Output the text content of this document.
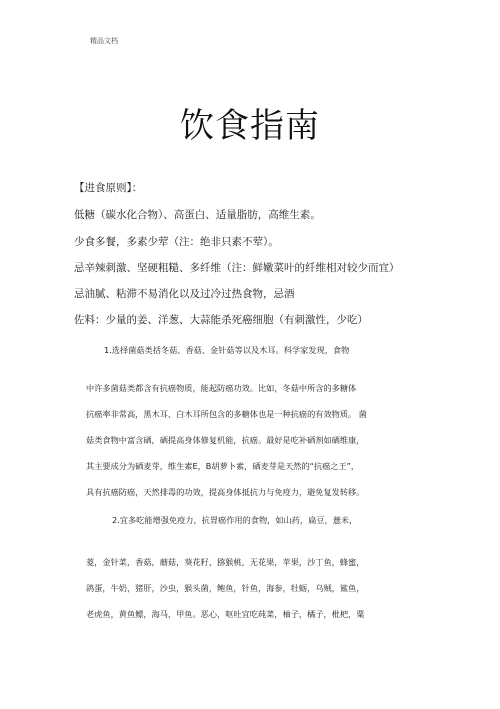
精品文档
饮食指南
【进食原则】：
低糖（碳水化合物）、高蛋白、适量脂肪，高维生素。
少食多餐，多素少荤（注：绝非只素不荤）。
忌辛辣刺激、坚硬粗糙、多纤维（注：鲜嫩菜叶的纤维相对较少而宜）
忌油腻、粘滞不易消化以及过冷过热食物，忌酒
佐料：少量的姜、洋葱、大蒜能杀死癌细胞（有刺激性，少吃）
1.选择菌菇类括冬菇、香菇、金针菇等以及木耳。科学家发现，食物
中许多菌菇类都含有抗癌物质，能起防癌功效。比如，冬菇中所含的多糖体
抗癌率非常高，黑木耳、白木耳所包含的多糖体也是一种抗癌的有效物质。 菌
菇类食物中富含硒，硒提高身体修复机能，抗癌。最好是吃补硒剂如硒维康，
其主要成分为硒麦芽，维生素E，B胡萝卜素，硒麦芽是天然的“抗癌之王”，
具有抗癌防癌，天然排毒的功效，提高身体抵抗力与免疫力，避免复发转移。
2.宜多吃能增强免疫力，抗胃癌作用的食物，如山药，扁豆，薏米，
菱，金针菜，香菇，蘑菇，葵花籽，猕猴桃，无花果，苹果，沙丁鱼，蜂蜜，
鸽蛋，牛奶，猪肝，沙虫，猴头菌，鲍鱼，针鱼，海参，牡蛎，乌贼，鲨鱼，
老虎鱼，黄鱼鳔，海马，甲鱼。恶心，呕吐宜吃莼菜，柚子，橘子，枇杷，粟
